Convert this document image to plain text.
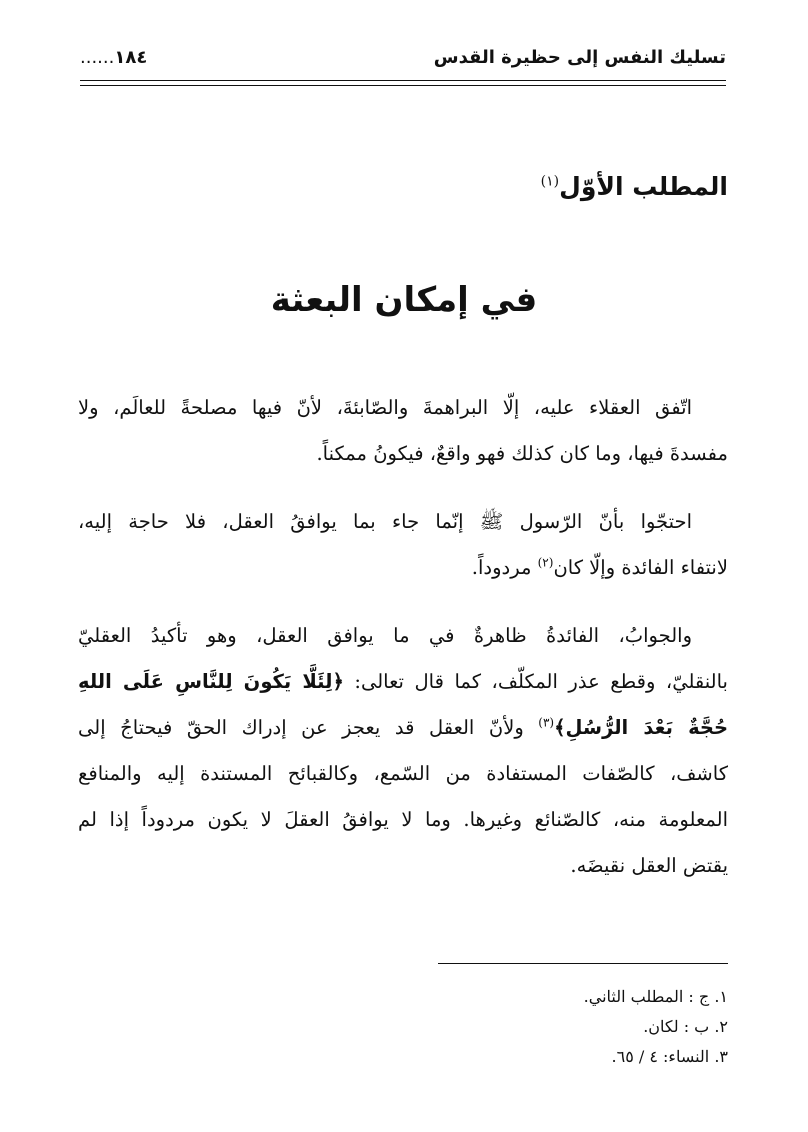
تسليك النفس إلى حظيرة القدس
......١٨٤
المطلب الأوّل$^{(١)}$
في إمكان البعثة
اتّفق العقلاء عليه، إلّا البراهمةَ والصّابئةَ، لأنّ فيها مصلحةً للعالَم، ولا
مفسدةَ فيها، وما كان كذلك فهو واقعٌ، فيكونُ ممكناً.
احتجّوا بأنّ الرّسول ﷺ إنّما جاء بما يوافقُ العقل، فلا حاجة إليه،
لانتفاء الفائدة وإلّا كان$^{(٢)}$ مردوداً.
والجوابُ، الفائدةُ ظاهرةٌ في ما يوافق العقل، وهو تأكيدُ العقليّ
بالنقليّ، وقطع عذر المكلّف، كما قال تعالى: ﴿لِئَلَّا يَكُونَ لِلنَّاسِ عَلَى اللهِ
حُجَّةٌ بَعْدَ الرُّسُلِ﴾$^{(٣)}$ ولأنّ العقل قد يعجز عن إدراك الحقّ فيحتاجُ إلى
كاشف، كالصّفات المستفادة من السّمع، وكالقبائح المستندة إليه والمنافع
المعلومة منه، كالصّنائع وغيرها. وما لا يوافقُ العقلَ لا يكون مردوداً إذا لم
يقتض العقل نقيضَه.
١. ج : المطلب الثاني.
٢. ب : لكان.
٣. النساء: ٤ / ٦٥.
